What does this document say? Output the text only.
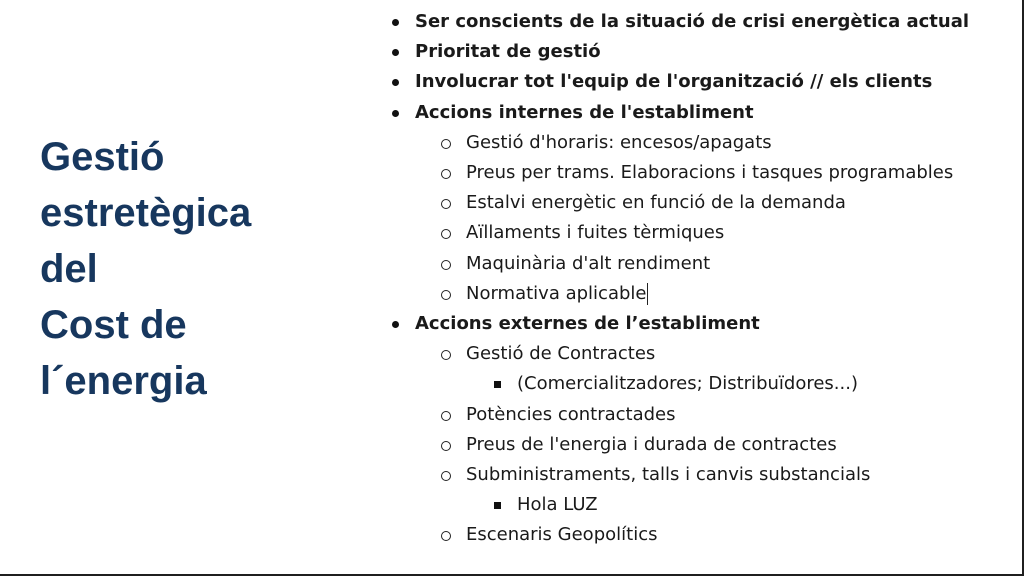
Gestió
estretègica
del
Cost de
l´energia
Ser conscients de la situació de crisi energètica actual
Prioritat de gestió
Involucrar tot l'equip de l'organització // els clients
Accions internes de l'establiment
Gestió d'horaris: encesos/apagats
Preus per trams. Elaboracions i tasques programables
Estalvi energètic en funció de la demanda
Aïllaments i fuites tèrmiques
Maquinària d'alt rendiment
Normativa aplicable
Accions externes de l’establiment
Gestió de Contractes
(Comercialitzadores; Distribuïdores...)
Potències contractades
Preus de l'energia i durada de contractes
Subministraments, talls i canvis substancials
Hola LUZ
Escenaris Geopolítics
